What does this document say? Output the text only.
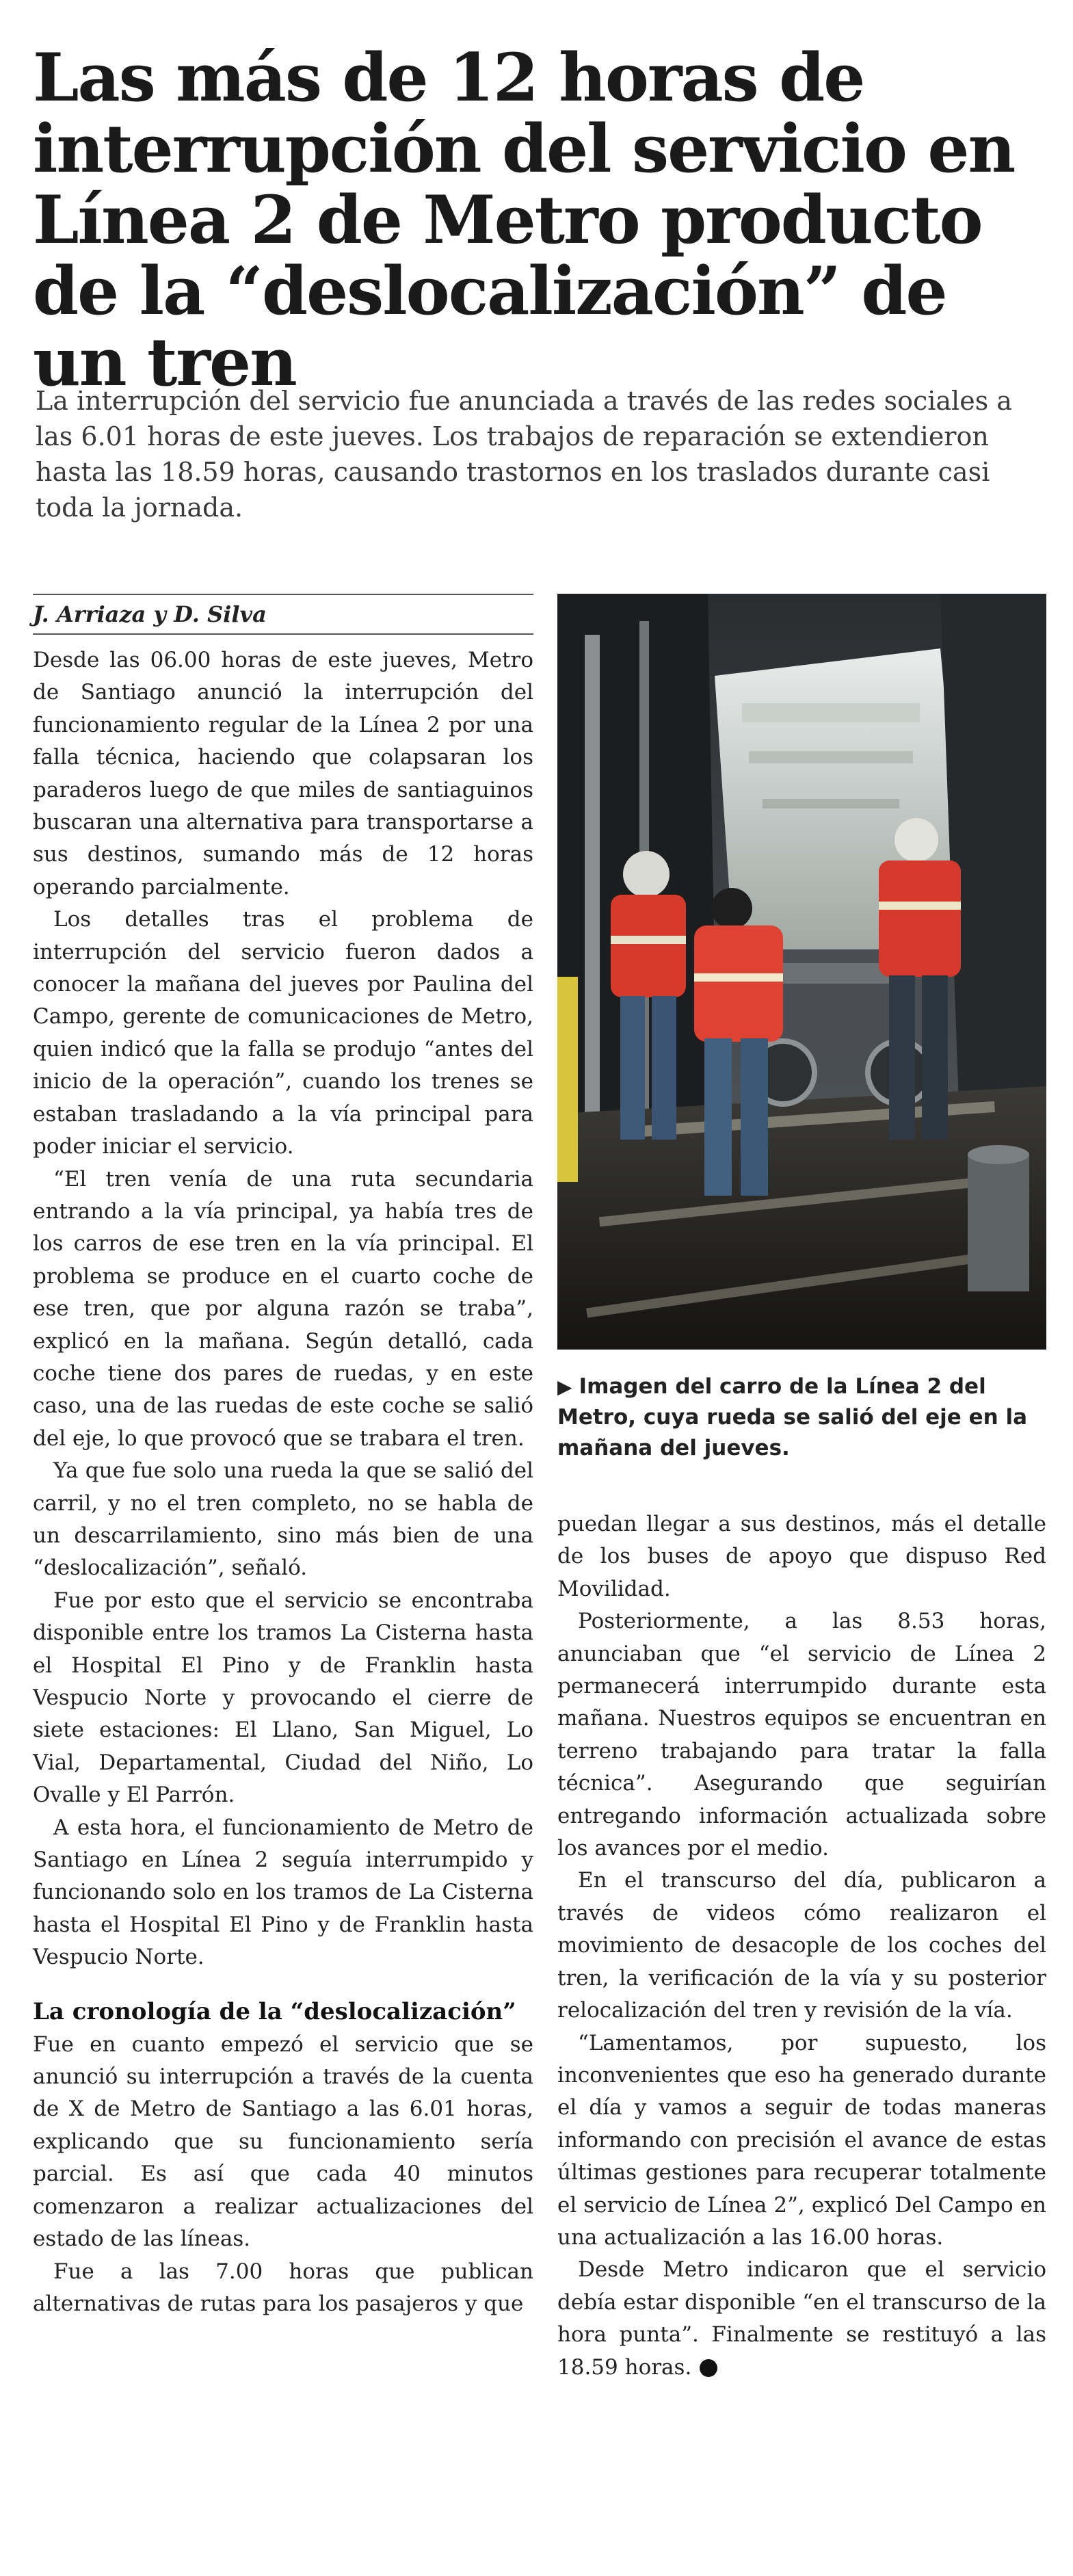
Las más de 12 horas de interrupción del servicio en Línea 2 de Metro producto de la “deslocalización” de un tren

La interrupción del servicio fue anunciada a través de las redes sociales a las 6.01 horas de este jueves. Los trabajos de reparación se extendieron hasta las 18.59 horas, causando trastornos en los traslados durante casi toda la jornada.

J. Arriaza y D. Silva

Desde las 06.00 horas de este jueves, Metro de Santiago anunció la interrupción del funcionamiento regular de la Línea 2 por una falla técnica, haciendo que colapsaran los paraderos luego de que miles de santiaguinos buscaran una alternativa para transportarse a sus destinos, sumando más de 12 horas operando parcialmente.

Los detalles tras el problema de interrupción del servicio fueron dados a conocer la mañana del jueves por Paulina del Campo, gerente de comunicaciones de Metro, quien indicó que la falla se produjo “antes del inicio de la operación”, cuando los trenes se estaban trasladando a la vía principal para poder iniciar el servicio.

“El tren venía de una ruta secundaria entrando a la vía principal, ya había tres de los carros de ese tren en la vía principal. El problema se produce en el cuarto coche de ese tren, que por alguna razón se traba”, explicó en la mañana. Según detalló, cada coche tiene dos pares de ruedas, y en este caso, una de las ruedas de este coche se salió del eje, lo que provocó que se trabara el tren.

Ya que fue solo una rueda la que se salió del carril, y no el tren completo, no se habla de un descarrilamiento, sino más bien de una “deslocalización”, señaló.

Fue por esto que el servicio se encontraba disponible entre los tramos La Cisterna hasta el Hospital El Pino y de Franklin hasta Vespucio Norte y provocando el cierre de siete estaciones: El Llano, San Miguel, Lo Vial, Departamental, Ciudad del Niño, Lo Ovalle y El Parrón.

A esta hora, el funcionamiento de Metro de Santiago en Línea 2 seguía interrumpido y funcionando solo en los tramos de La Cisterna hasta el Hospital El Pino y de Franklin hasta Vespucio Norte.

La cronología de la “deslocalización”

Fue en cuanto empezó el servicio que se anunció su interrupción a través de la cuenta de X de Metro de Santiago a las 6.01 horas, explicando que su funcionamiento sería parcial. Es así que cada 40 minutos comenzaron a realizar actualizaciones del estado de las líneas.

Fue a las 7.00 horas que publican alternativas de rutas para los pasajeros y que

▶ Imagen del carro de la Línea 2 del Metro, cuya rueda se salió del eje en la mañana del jueves.

puedan llegar a sus destinos, más el detalle de los buses de apoyo que dispuso Red Movilidad.

Posteriormente, a las 8.53 horas, anunciaban que “el servicio de Línea 2 permanecerá interrumpido durante esta mañana. Nuestros equipos se encuentran en terreno trabajando para tratar la falla técnica”. Asegurando que seguirían entregando información actualizada sobre los avances por el medio.

En el transcurso del día, publicaron a través de videos cómo realizaron el movimiento de desacople de los coches del tren, la verificación de la vía y su posterior relocalización del tren y revisión de la vía.

“Lamentamos, por supuesto, los inconvenientes que eso ha generado durante el día y vamos a seguir de todas maneras informando con precisión el avance de estas últimas gestiones para recuperar totalmente el servicio de Línea 2”, explicó Del Campo en una actualización a las 16.00 horas.

Desde Metro indicaron que el servicio debía estar disponible “en el transcurso de la hora punta”. Finalmente se restituyó a las 18.59 horas.
